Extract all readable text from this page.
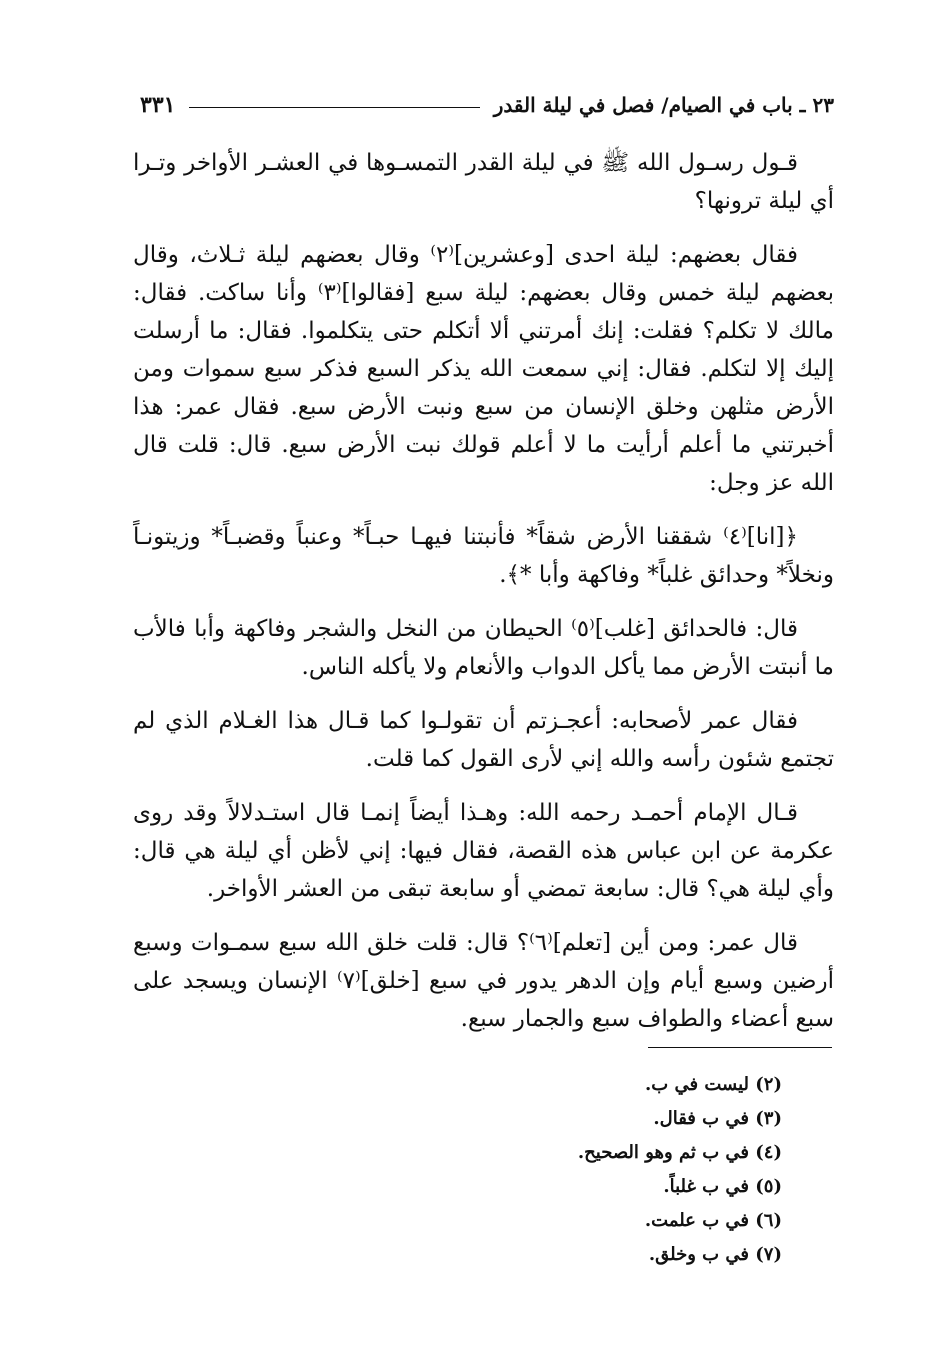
٢٣ ـ باب في الصيام/ فصل في ليلة القدر
٣٣١

قـول رسـول الله ﷺ في ليلة القدر التمسـوها في العشـر الأواخر وتـرا أي ليلة ترونها؟

فقال بعضهم: ليلة احدى [وعشرين]⁽٢⁾ وقال بعضهم ليلة ثـلاث، وقال بعضهم ليلة خمس وقال بعضهم: ليلة سبع [فقالوا]⁽٣⁾ وأنا ساكت. فقال: مالك لا تكلم؟ فقلت: إنك أمرتني ألا أتكلم حتى يتكلموا. فقال: ما أرسلت إليك إلا لتكلم. فقال: إني سمعت الله يذكر السبع فذكر سبع سموات ومن الأرض مثلهن وخلق الإنسان من سبع ونبت الأرض سبع. فقال عمر: هذا أخبرتني ما أعلم أرأيت ما لا أعلم قولك نبت الأرض سبع. قال: قلت قال الله عز وجل:

﴿[انا]⁽٤⁾ شققنا الأرض شقاً* فأنبتنا فيهـا حبـاً* وعنباً وقضبـاً* وزيتونـاً ونخلاً* وحدائق غلباً* وفاكهة وأبا *﴾.

قال: فالحدائق [غلب]⁽٥⁾ الحيطان من النخل والشجر وفاكهة وأبا فالأب ما أنبتت الأرض مما يأكل الدواب والأنعام ولا يأكله الناس.

فقال عمر لأصحابه: أعجـزتم أن تقولـوا كما قـال هذا الغـلام الذي لم تجتمع شئون رأسه والله إني لأرى القول كما قلت.

قـال الإمام أحمـد رحمه الله: وهـذا أيضاً إنمـا قال استـدلالاً وقد روى عكرمة عن ابن عباس هذه القصة، فقال فيها: إني لأظن أي ليلة هي قال: وأي ليلة هي؟ قال: سابعة تمضي أو سابعة تبقى من العشر الأواخر.

قال عمر: ومن أين [تعلم]⁽٦⁾؟ قال: قلت خلق الله سبع سمـوات وسبع أرضين وسبع أيام وإن الدهر يدور في سبع [خلق]⁽٧⁾ الإنسان ويسجد على سبع أعضاء والطواف سبع والجمار سبع.

(٢) ليست في ب.
(٣) في ب فقال.
(٤) في ب ثم وهو الصحيح.
(٥) في ب غلباً.
(٦) في ب علمت.
(٧) في ب وخلق.
